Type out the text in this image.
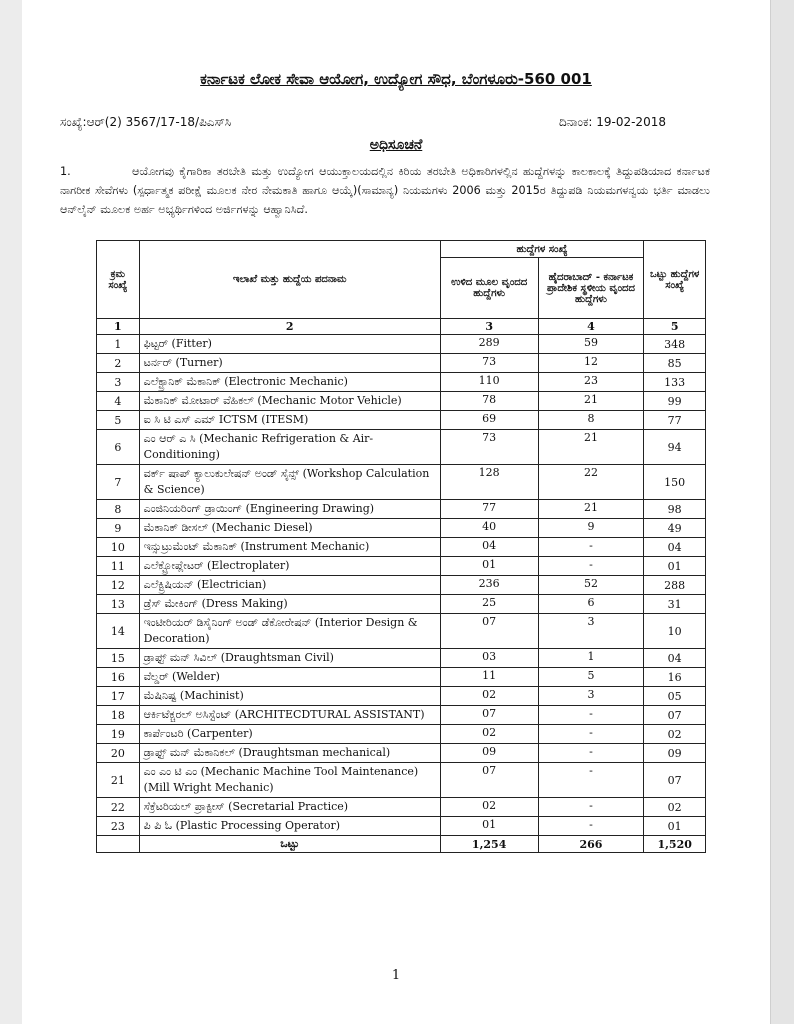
ಕರ್ನಾಟಕ ಲೋಕ ಸೇವಾ ಆಯೋಗ, ಉದ್ಯೋಗ ಸೌಧ, ಬೆಂಗಳೂರು-560 001
ಸಂಖ್ಯೆ:ಆರ್(2) 3567/17-18/ಪಿಎಸ್‌ಸಿ	ದಿನಾಂಕ: 19-02-2018
ಅಧಿಸೂಚನೆ
1.	ಆಯೋಗವು ಕೈಗಾರಿಕಾ ತರಬೇತಿ ಮತ್ತು ಉದ್ಯೋಗ ಆಯುಕ್ತಾಲಯದಲ್ಲಿನ ಕಿರಿಯ ತರಬೇತಿ ಅಧಿಕಾರಿಗಳಲ್ಲಿನ ಹುದ್ದೆಗಳನ್ನು ಕಾಲಕಾಲಕ್ಕೆ ತಿದ್ದುಪಡಿಯಾದ ಕರ್ನಾಟಕ ನಾಗರೀಕ ಸೇವೆಗಳು (ಸ್ಪರ್ಧಾತ್ಮಕ ಪರೀಕ್ಷೆ ಮೂಲಕ ನೇರ ನೇಮಕಾತಿ ಹಾಗೂ ಆಯ್ಕೆ)(ಸಾಮಾನ್ಯ) ನಿಯಮಗಳು 2006 ಮತ್ತು 2015ರ ತಿದ್ದುಪಡಿ ನಿಯಮಗಳನ್ವಯ ಭರ್ತಿ ಮಾಡಲು ಆನ್‌ಲೈನ್ ಮೂಲಕ ಅರ್ಹ ಅಭ್ಯರ್ಥಿಗಳಿಂದ ಅರ್ಜಿಗಳನ್ನು ಆಹ್ವಾನಿಸಿದೆ.
ಕ್ರಮ ಸಂಖ್ಯೆ	ಇಲಾಖೆ ಮತ್ತು ಹುದ್ದೆಯ ಪದನಾಮ	ಹುದ್ದೆಗಳ ಸಂಖ್ಯೆ		ಒಟ್ಟು ಹುದ್ದೆಗಳ ಸಂಖ್ಯೆ
		ಉಳಿದ ಮೂಲ ವೃಂದದ ಹುದ್ದೆಗಳು	ಹೈದರಾಬಾದ್ - ಕರ್ನಾಟಕ ಪ್ರಾದೇಶಿಕ ಸ್ಥಳೀಯ ವೃಂದದ ಹುದ್ದೆಗಳು	
1	2	3	4	5
1	ಫಿಟ್ಟರ್ (Fitter)	289	59	348
2	ಟರ್ನರ್ (Turner)	73	12	85
3	ಎಲೆಕ್ಟ್ರಾನಿಕ್ ಮೆಕಾನಿಕ್ (Electronic Mechanic)	110	23	133
4	ಮೆಕಾನಿಕ್ ಮೋಟಾರ್ ವೆಹಿಕಲ್ (Mechanic Motor Vehicle)	78	21	99
5	ಐ ಸಿ ಟಿ ಎಸ್ ಎಮ್ ICTSM (ITESM)	69	8	77
6	ಎಂ ಆರ್ ಎ ಸಿ (Mechanic Refrigeration & Air-Conditioning)	73	21	94
7	ವರ್ಕ್ ಷಾಪ್ ಕ್ಯಾಲುಕುಲೇಷನ್ ಅಂಡ್ ಸೈನ್ಸ್ (Workshop Calculation & Science)	128	22	150
8	ಎಂಜಿನಿಯರಿಂಗ್ ಡ್ರಾಯಿಂಗ್ (Engineering Drawing)	77	21	98
9	ಮೆಕಾನಿಕ್ ಡೀಸಲ್ (Mechanic Diesel)	40	9	49
10	ಇನ್ಸುಟ್ರುಮೆಂಟ್ ಮೆಕಾನಿಕ್ (Instrument Mechanic)	04	-	04
11	ಎಲೆಕ್ಟ್ರೋಪ್ಲೇಟರ್ (Electroplater)	01	-	01
12	ಎಲೆಕ್ಟ್ರಿಷಿಯನ್ (Electrician)	236	52	288
13	ಡ್ರೆಸ್ ಮೇಕಿಂಗ್ (Dress Making)	25	6	31
14	ಇಂಟೀರಿಯರ್ ಡಿಸೈನಿಂಗ್ ಅಂಡ್ ಡೆಕೋರೇಷನ್ (Interior Design & Decoration)	07	3	10
15	ಡ್ರಾಫ್ಟ್ ಮನ್ ಸಿವಿಲ್ (Draughtsman Civil)	03	1	04
16	ವೆಲ್ಡರ್ (Welder)	11	5	16
17	ಮೆಷಿನಿಷ್ಟ (Machinist)	02	3	05
18	ಆರ್ಕಿಟೆಕ್ಚರಲ್ ಅಸಿಸ್ಟೆಂಟ್ (ARCHITECDTURAL ASSISTANT)	07	-	07
19	ಕಾರ್ಪೆಂಟರಿ (Carpenter)	02	-	02
20	ಡ್ರಾಫ್ಟ್ ಮನ್ ಮೆಕಾನಿಕಲ್ (Draughtsman mechanical)	09	-	09
21	ಎಂ ಎಂ ಟಿ ಎಂ (Mechanic Machine Tool Maintenance) (Mill Wright Mechanic)	07	-	07
22	ಸೆಕ್ರೆಟರಿಯಲ್ ಪ್ರಾಕ್ಟೀಸ್ (Secretarial Practice)	02	-	02
23	ಪಿ ಪಿ ಓ (Plastic Processing Operator)	01	-	01
	ಒಟ್ಟು	1,254	266	1,520
1
